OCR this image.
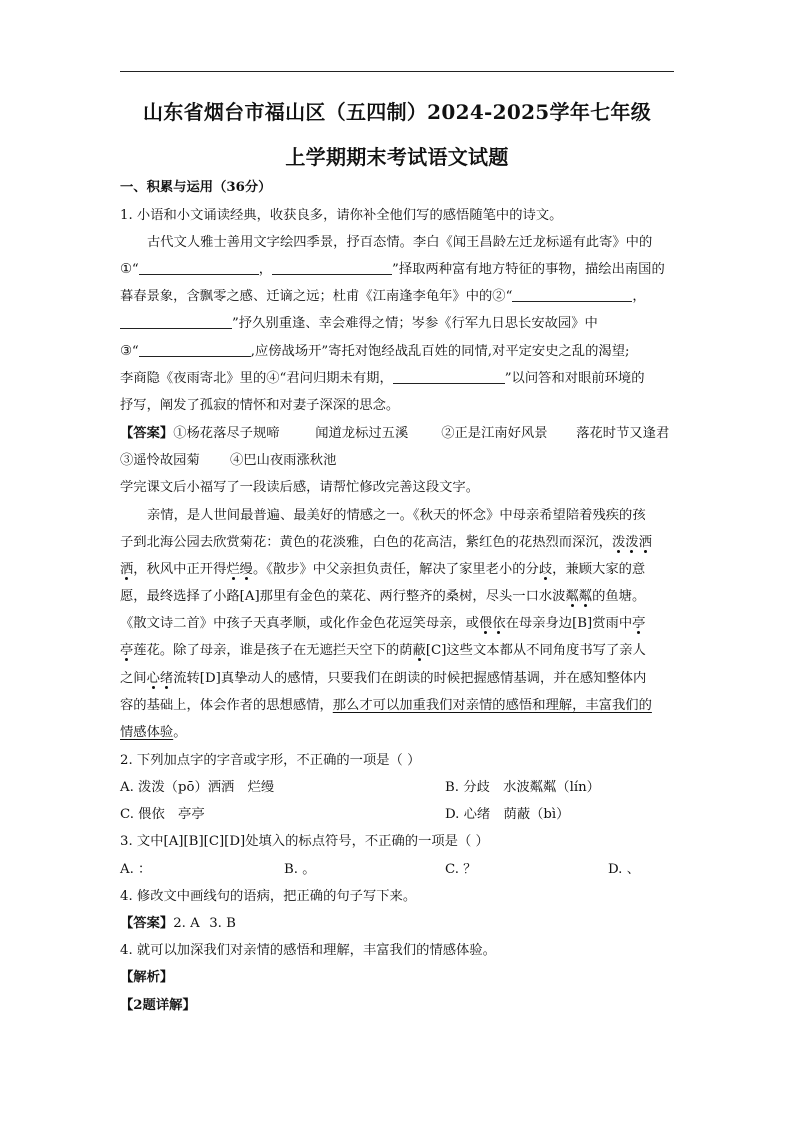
山东省烟台市福山区（五四制）2024-2025学年七年级
上学期期末考试语文试题
一、积累与运用（36分）
1. 小语和小文诵读经典，收获良多，请你补全他们写的感悟随笔中的诗文。
古代文人雅士善用文字绘四季景，抒百态情。李白《闻王昌龄左迁龙标遥有此寄》中的
①“	，	”择取两种富有地方特征的事物，描绘出南国的
暮春景象，含飘零之感、迁谪之远；杜甫《江南逢李龟年》中的②“	，
”抒久别重逢、幸会难得之情；岑参《行军九日思长安故园》中
③“	,应傍战场开”寄托对饱经战乱百姓的同情,对平定安史之乱的渴望;
李商隐《夜雨寄北》里的④“君问归期未有期，	”以问答和对眼前环境的
抒写，阐发了孤寂的情怀和对妻子深深的思念。
【答案】①杨花落尽子规啼	闻道龙标过五溪 ②正是江南好风景 落花时节又逢君
③遥怜故园菊 ④巴山夜雨涨秋池
学完课文后小福写了一段读后感，请帮忙修改完善这段文字。
亲情，是人世间最普遍、最美好的情感之一。《秋天的怀念》中母亲希望陪着残疾的孩
子到北海公园去欣赏菊花：黄色的花淡雅，白色的花高洁，紫红色的花热烈而深沉，泼泼洒
洒，秋风中正开得烂缦。《散步》中父亲担负责任，解决了家里老小的分歧，兼顾大家的意
愿，最终选择了小路[A]那里有金色的菜花、两行整齐的桑树，尽头一口水波粼粼的鱼塘。
《散文诗二首》中孩子天真孝顺，或化作金色花逗笑母亲，或偎依在母亲身边[B]赏雨中亭
亭莲花。除了母亲，谁是孩子在无遮拦天空下的荫蔽[C]这些文本都从不同角度书写了亲人
之间心绪流转[D]真挚动人的感情，只要我们在朗读的时候把握感情基调，并在感知整体内
容的基础上，体会作者的思想感情，那么才可以加重我们对亲情的感悟和理解，丰富我们的
情感体验。
2. 下列加点字的字音或字形，不正确的一项是（ ）
A. 泼泼（pō）洒洒　烂缦	B. 分歧　水波粼粼（lín）
C. 偎依　亭亭	D. 心绪　荫蔽（bì）
3. 文中[A][B][C][D]处填入的标点符号，不正确的一项是（ ）
A. ：	B. 。	C. ？	D. 、
4. 修改文中画线句的语病，把正确的句子写下来。
【答案】2. A 3. B
4. 就可以加深我们对亲情的感悟和理解，丰富我们的情感体验。
【解析】
【2题详解】
